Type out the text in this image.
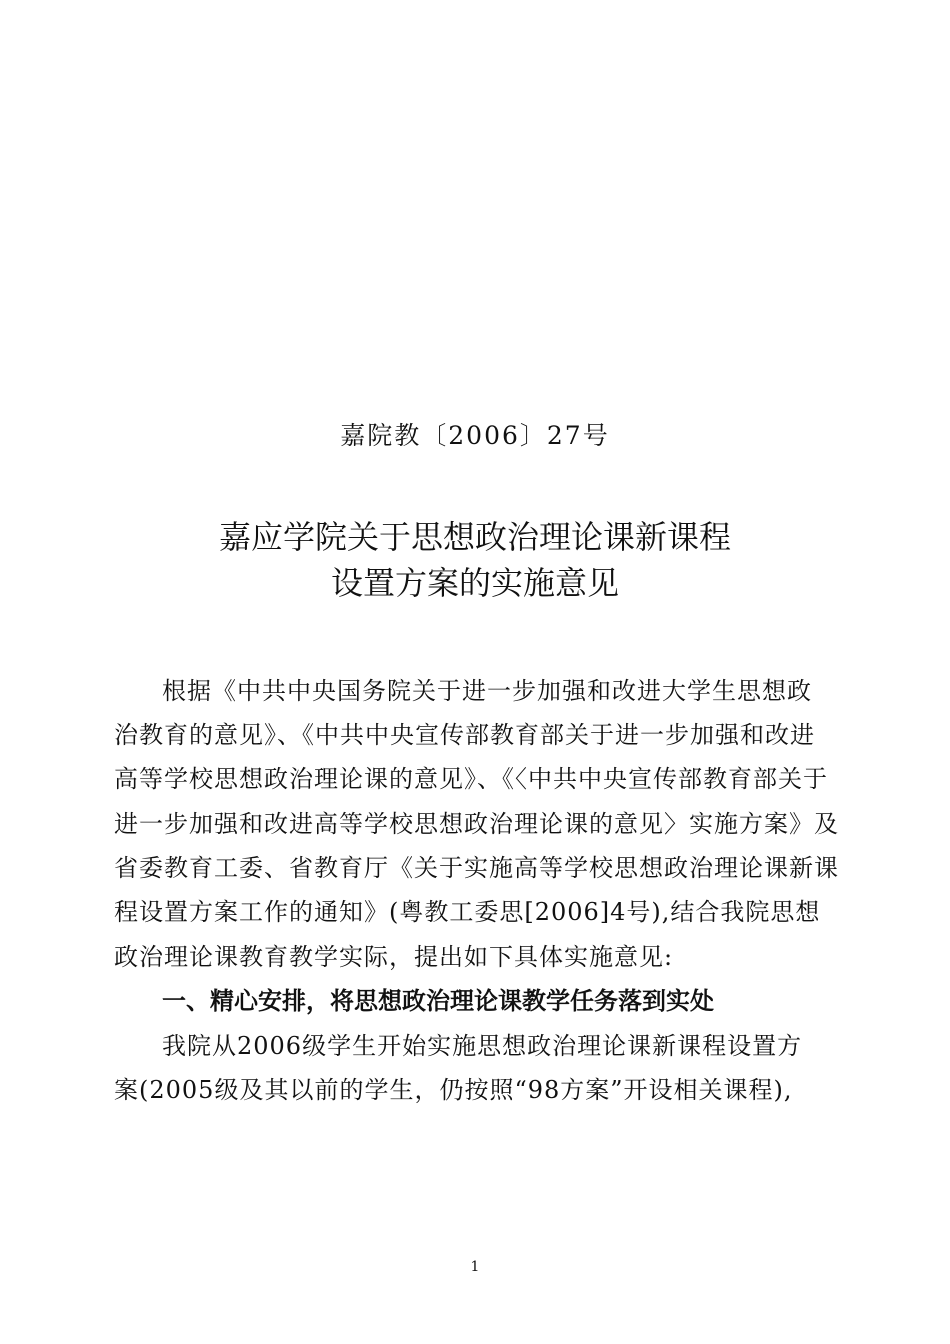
嘉院教〔2006〕27号
嘉应学院关于思想政治理论课新课程
设置方案的实施意见
根据《中共中央国务院关于进一步加强和改进大学生思想政
治教育的意见》、《中共中央宣传部教育部关于进一步加强和改进
高等学校思想政治理论课的意见》、《〈中共中央宣传部教育部关于
进一步加强和改进高等学校思想政治理论课的意见〉实施方案》及
省委教育工委、省教育厅《关于实施高等学校思想政治理论课新课
程设置方案工作的通知》(粤教工委思[2006]4号),结合我院思想
政治理论课教育教学实际，提出如下具体实施意见:
一、精心安排，将思想政治理论课教学任务落到实处
我院从2006级学生开始实施思想政治理论课新课程设置方
案(2005级及其以前的学生，仍按照“98方案”开设相关课程),
1
